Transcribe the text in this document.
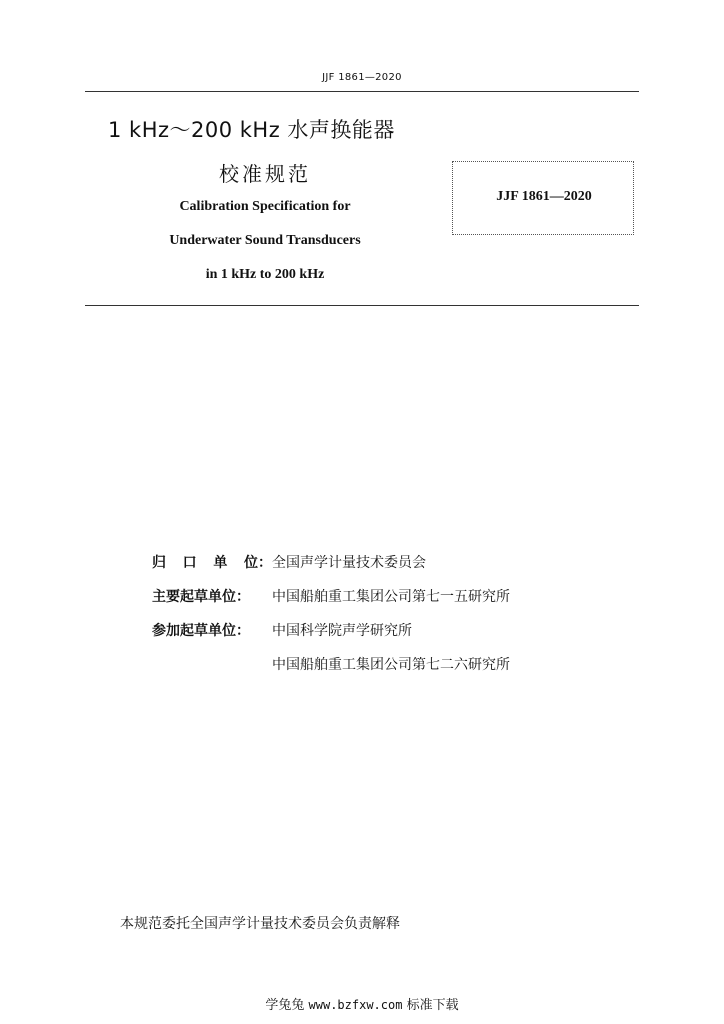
JJF 1861—2020
1 kHz～200 kHz 水声换能器
校准规范
Calibration Specification for
Underwater Sound Transducers
in 1 kHz to 200 kHz
JJF 1861—2020
归 口 单 位： 全国声学计量技术委员会
主要起草单位：	中国船舶重工集团公司第七一五研究所
参加起草单位：	中国科学院声学研究所
中国船舶重工集团公司第七二六研究所
本规范委托全国声学计量技术委员会负责解释
学兔兔 www.bzfxw.com 标准下载
